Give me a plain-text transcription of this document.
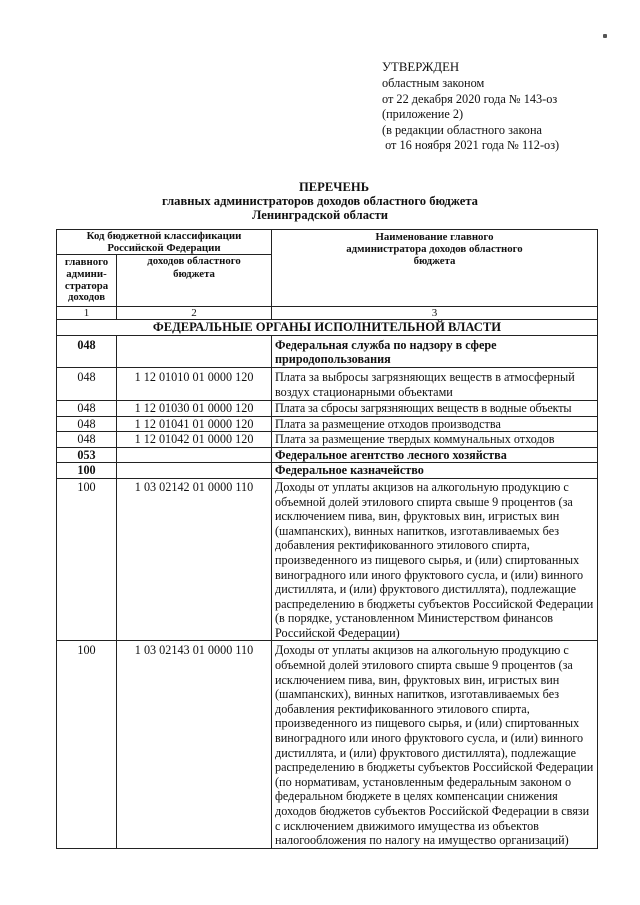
УТВЕРЖДЕН
областным законом
от 22 декабря 2020 года № 143-оз
(приложение 2)
(в редакции областного закона
от 16 ноября 2021 года № 112-оз)
ПЕРЕЧЕНЬ
главных администраторов доходов областного бюджета
Ленинградской области
Код бюджетной классификации Российской Федерации		Наименование главного администратора доходов областного бюджета

главного админи-стратора доходов	доходов областного бюджета	

1	2	3
ФЕДЕРАЛЬНЫЕ ОРГАНЫ ИСПОЛНИТЕЛЬНОЙ ВЛАСТИ		
048		Федеральная служба по надзору в сфере природопользования
048	1 12 01010 01 0000 120	Плата за выбросы загрязняющих веществ в атмосферный воздух стационарными объектами
048	1 12 01030 01 0000 120	Плата за сбросы загрязняющих веществ в водные объекты
048	1 12 01041 01 0000 120	Плата за размещение отходов производства
048	1 12 01042 01 0000 120	Плата за размещение твердых коммунальных отходов
053		Федеральное агентство лесного хозяйства
100		Федеральное казначейство
100	1 03 02142 01 0000 110	Доходы от уплаты акцизов на алкогольную продукцию с объемной долей этилового спирта свыше 9 процентов (за исключением пива, вин, фруктовых вин, игристых вин (шампанских), винных напитков, изготавливаемых без добавления ректификованного этилового спирта, произведенного из пищевого сырья, и (или) спиртованных виноградного или иного фруктового сусла, и (или) винного дистиллята, и (или) фруктового дистиллята), подлежащие распределению в бюджеты субъектов Российской Федерации (в порядке, установленном Министерством финансов Российской Федерации)
100	1 03 02143 01 0000 110	Доходы от уплаты акцизов на алкогольную продукцию с объемной долей этилового спирта свыше 9 процентов (за исключением пива, вин, фруктовых вин, игристых вин (шампанских), винных напитков, изготавливаемых без добавления ректификованного этилового спирта, произведенного из пищевого сырья, и (или) спиртованных виноградного или иного фруктового сусла, и (или) винного дистиллята, и (или) фруктового дистиллята), подлежащие распределению в бюджеты субъектов Российской Федерации (по нормативам, установленным федеральным законом о федеральном бюджете в целях компенсации снижения доходов бюджетов субъектов Российской Федерации в связи с исключением движимого имущества из объектов налогообложения по налогу на имущество организаций)
